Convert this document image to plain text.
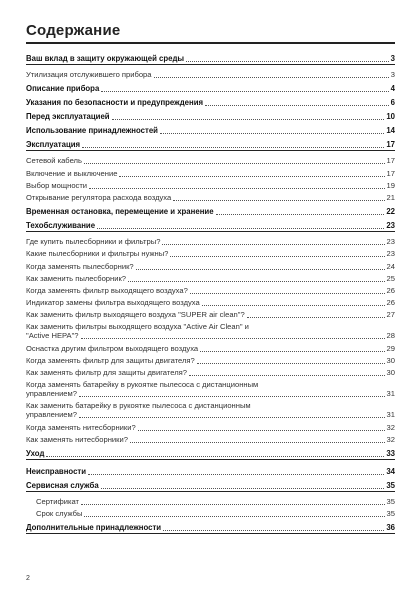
Содержание
Ваш вклад в защиту окружающей среды	3
Утилизация отслужившего прибора	3
Описание прибора	4
Указания по безопасности и предупреждения	6
Перед эксплуатацией	10
Использование принадлежностей	14
Эксплуатация	17
Сетевой кабель	17
Включение и выключение	17
Выбор мощности	19
Открывание регулятора расхода воздуха	21
Временная остановка, перемещение и хранение	22
Техобслуживание	23
Где купить пылесборники и фильтры?	23
Какие пылесборники и фильтры нужны?	23
Когда заменять пылесборник?	24
Как заменить пылесборник?	25
Когда заменять фильтр выходящего воздуха?	26
Индикатор замены фильтра выходящего воздуха	26
Как заменить фильтр выходящего воздуха "SUPER air clean"?	27
Как заменить фильтры выходящего воздуха "Active Air Clean" и
"Active HEPA"?	28
Оснастка другим фильтром выходящего воздуха	29
Когда заменять фильтр для защиты двигателя?	30
Как заменять фильтр для защиты двигателя?	30
Когда заменять батарейку в рукоятке пылесоса с дистанционным
управлением?	31
Как заменить батарейку в рукоятке пылесоса с дистанционным
управлением?	31
Когда заменять нитесборники?	32
Как заменять нитесборники?	32
Уход	33
Неисправности	34
Сервисная служба	35
Сертификат	35
Срок службы	35
Дополнительные принадлежности	36
2
